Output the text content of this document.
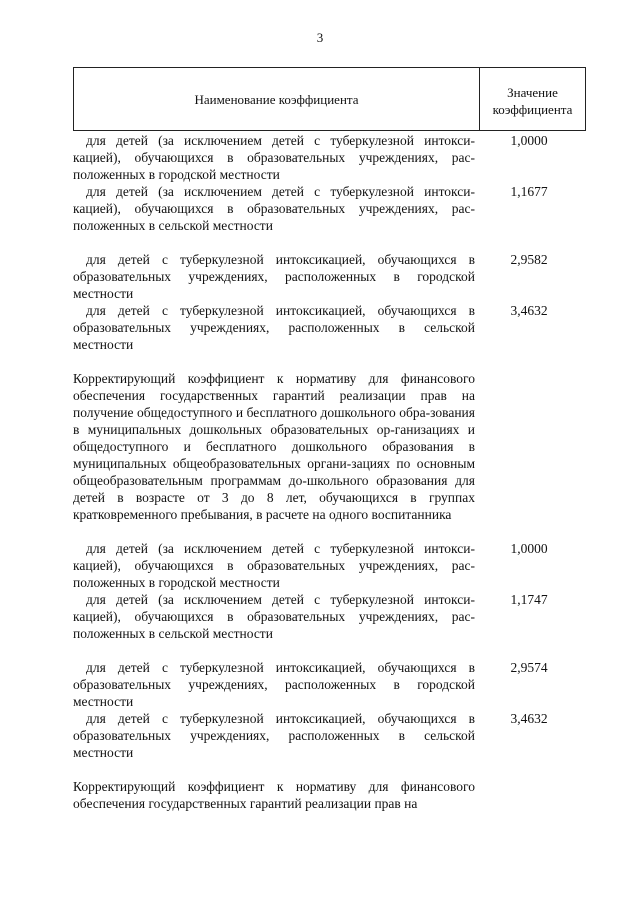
3
Наименование коэффициента	Значение
коэффициента
для детей (за исключением детей с туберкулезной интокси-кацией), обучающихся в образовательных учреждениях, рас-положенных в городской местности
1,0000
для детей (за исключением детей с туберкулезной интокси-кацией), обучающихся в образовательных учреждениях, рас-положенных в сельской местности
1,1677
для детей с туберкулезной интоксикацией, обучающихся в образовательных учреждениях, расположенных в городской местности
2,9582
для детей с туберкулезной интоксикацией, обучающихся в образовательных учреждениях, расположенных в сельской местности
3,4632
Корректирующий коэффициент к нормативу для финансового обеспечения государственных гарантий реализации прав на получение общедоступного и бесплатного дошкольного обра-зования в муниципальных дошкольных образовательных ор-ганизациях и общедоступного и бесплатного дошкольного образования в муниципальных общеобразовательных органи-зациях по основным общеобразовательным программам до-школьного образования для детей в возрасте от 3 до 8 лет, обучающихся в группах кратковременного пребывания, в расчете на одного воспитанника
для детей (за исключением детей с туберкулезной интокси-кацией), обучающихся в образовательных учреждениях, рас-положенных в городской местности
1,0000
для детей (за исключением детей с туберкулезной интокси-кацией), обучающихся в образовательных учреждениях, рас-положенных в сельской местности
1,1747
для детей с туберкулезной интоксикацией, обучающихся в образовательных учреждениях, расположенных в городской местности
2,9574
для детей с туберкулезной интоксикацией, обучающихся в образовательных учреждениях, расположенных в сельской местности
3,4632
Корректирующий коэффициент к нормативу для финансового обеспечения государственных гарантий реализации прав на
